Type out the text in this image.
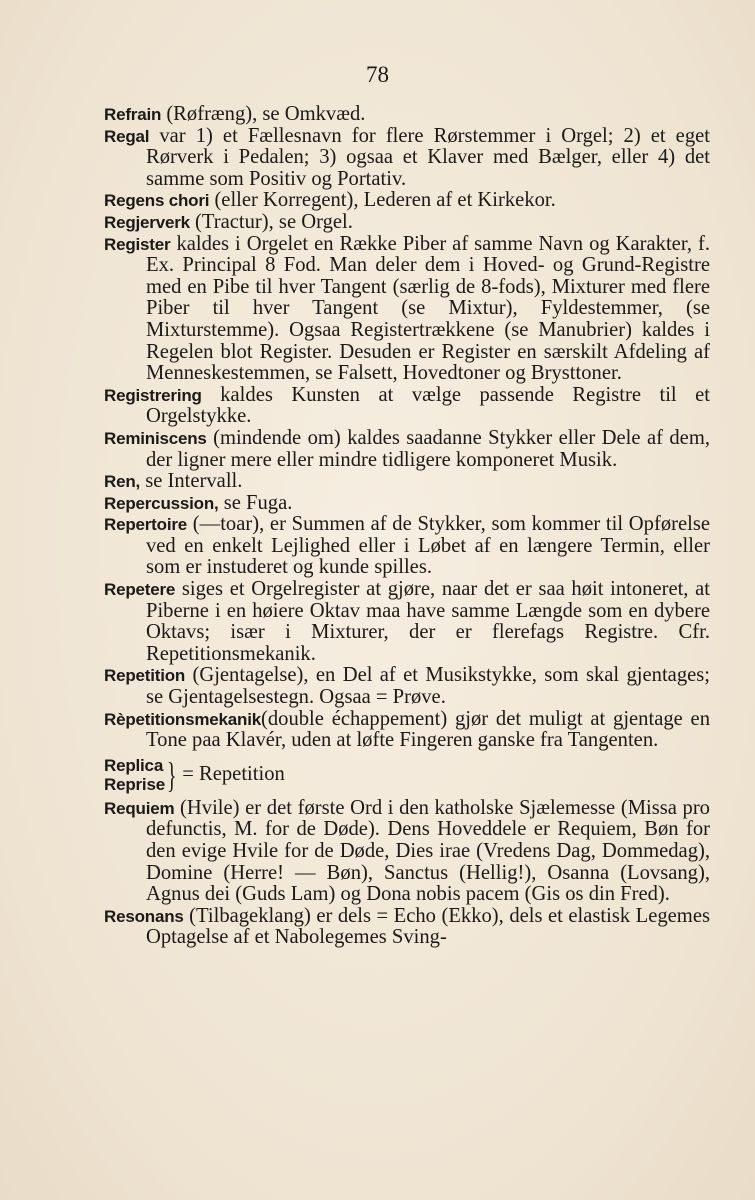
78

Refrain (Røfræng), se Omkvæd.

Regal var 1) et Fællesnavn for flere Rørstemmer i Orgel; 2) et eget Rørverk i Pedalen; 3) ogsaa et Klaver med Bælger, eller 4) det samme som Positiv og Portativ.

Regens chori (eller Korregent), Lederen af et Kirkekor.

Regjerverk (Tractur), se Orgel.

Register kaldes i Orgelet en Række Piber af samme Navn og Karakter, f. Ex. Principal 8 Fod. Man deler dem i Hoved- og Grund-Registre med en Pibe til hver Tangent (særlig de 8-fods), Mixturer med flere Piber til hver Tangent (se Mixtur), Fyldestemmer, (se Mixturstemme). Ogsaa Registertrækkene (se Manubrier) kaldes i Regelen blot Register. Desuden er Register en særskilt Afdeling af Menneskestemmen, se Falsett, Hovedtoner og Brysttoner.

Registrering kaldes Kunsten at vælge passende Registre til et Orgelstykke.

Reminiscens (mindende om) kaldes saadanne Stykker eller Dele af dem, der ligner mere eller mindre tidligere komponeret Musik.

Ren, se Intervall.

Repercussion, se Fuga.

Repertoire (—toar), er Summen af de Stykker, som kommer til Opførelse ved en enkelt Lejlighed eller i Løbet af en længere Termin, eller som er instuderet og kunde spilles.

Repetere siges et Orgelregister at gjøre, naar det er saa høit intoneret, at Piberne i en høiere Oktav maa have samme Længde som en dybere Oktavs; især i Mixturer, der er flerefags Registre. Cfr. Repetitionsmekanik.

Repetition (Gjentagelse), en Del af et Musikstykke, som skal gjentages; se Gjentagelsestegn. Ogsaa = Prøve.

Rèpetitionsmekanik(double échappement) gjør det muligt at gjentage en Tone paa Klavér, uden at løfte Fingeren ganske fra Tangenten.

Replica
Reprise } = Repetition

Requiem (Hvile) er det første Ord i den katholske Sjælemesse (Missa pro defunctis, M. for de Døde). Dens Hoveddele er Requiem, Bøn for den evige Hvile for de Døde, Dies irae (Vredens Dag, Dommedag), Domine (Herre! — Bøn), Sanctus (Hellig!), Osanna (Lovsang), Agnus dei (Guds Lam) og Dona nobis pacem (Gis os din Fred).

Resonans (Tilbageklang) er dels = Echo (Ekko), dels et elastisk Legemes Optagelse af et Nabolegemes Sving-
